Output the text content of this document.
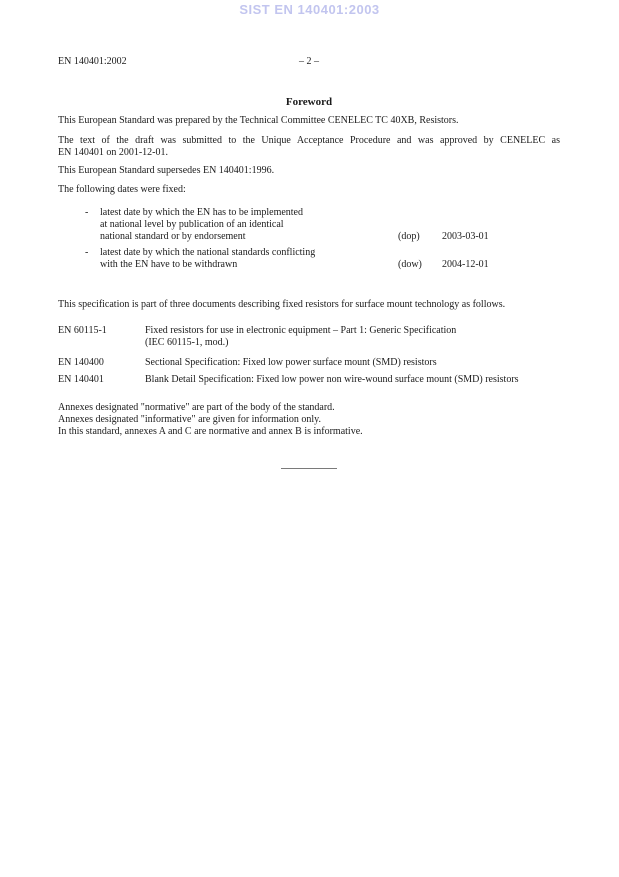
SIST EN 140401:2003
EN 140401:2002	– 2 –
Foreword
This European Standard was prepared by the Technical Committee CENELEC TC 40XB, Resistors.
The text of the draft was submitted to the Unique Acceptance Procedure and was approved by CENELEC as
EN 140401 on 2001-12-01.
This European Standard supersedes EN 140401:1996.
The following dates were fixed:
-	latest date by which the EN has to be implemented
at national level by publication of an identical
national standard or by endorsement	(dop) 2003-03-01
-	latest date by which the national standards conflicting
with the EN have to be withdrawn	(dow) 2004-12-01
This specification is part of three documents describing fixed resistors for surface mount technology as follows.
EN 60115-1	Fixed resistors for use in electronic equipment – Part 1: Generic Specification
(IEC 60115-1, mod.)
EN 140400	Sectional Specification: Fixed low power surface mount (SMD) resistors
EN 140401	Blank Detail Specification: Fixed low power non wire-wound surface mount (SMD) resistors
Annexes designated "normative" are part of the body of the standard.
Annexes designated "informative" are given for information only.
In this standard, annexes A and C are normative and annex B is informative.
